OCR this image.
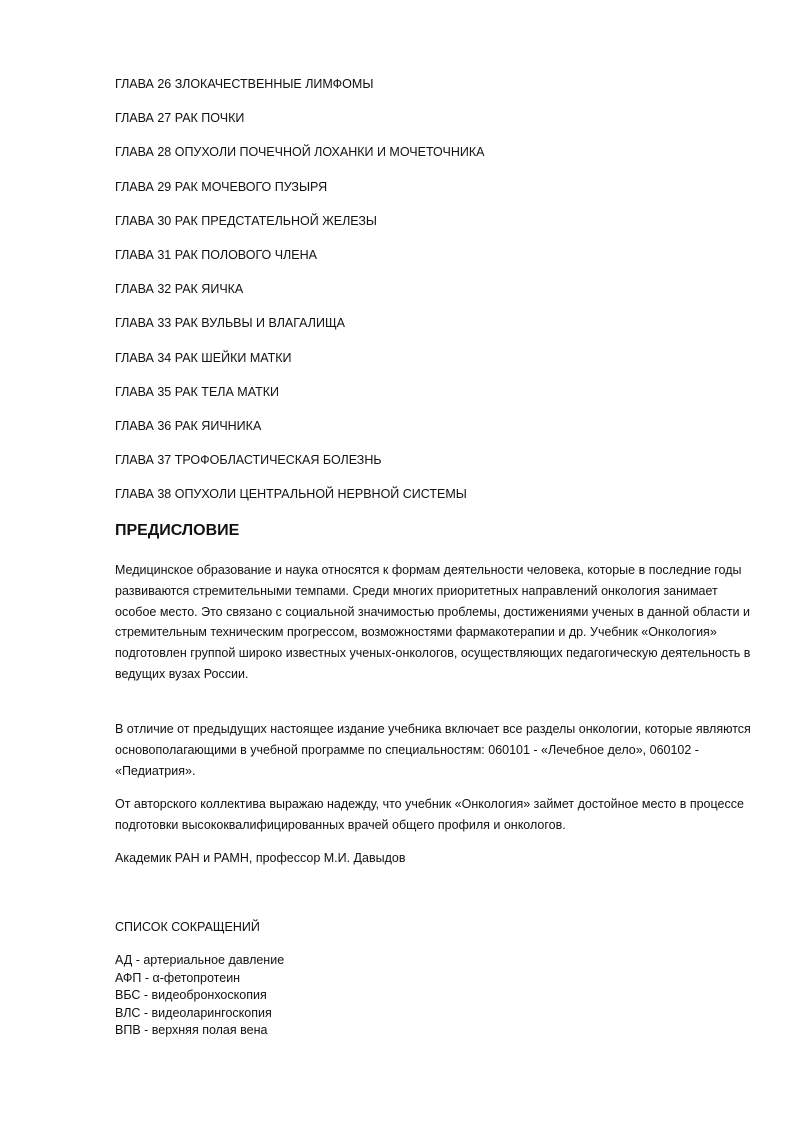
ГЛАВА 26 ЗЛОКАЧЕСТВЕННЫЕ ЛИМФОМЫ
ГЛАВА 27 РАК ПОЧКИ
ГЛАВА 28 ОПУХОЛИ ПОЧЕЧНОЙ ЛОХАНКИ И МОЧЕТОЧНИКА
ГЛАВА 29 РАК МОЧЕВОГО ПУЗЫРЯ
ГЛАВА 30 РАК ПРЕДСТАТЕЛЬНОЙ ЖЕЛЕЗЫ
ГЛАВА 31 РАК ПОЛОВОГО ЧЛЕНА
ГЛАВА 32 РАК ЯИЧКА
ГЛАВА 33 РАК ВУЛЬВЫ И ВЛАГАЛИЩА
ГЛАВА 34 РАК ШЕЙКИ МАТКИ
ГЛАВА 35 РАК ТЕЛА МАТКИ
ГЛАВА 36 РАК ЯИЧНИКА
ГЛАВА 37 ТРОФОБЛАСТИЧЕСКАЯ БОЛЕЗНЬ
ГЛАВА 38 ОПУХОЛИ ЦЕНТРАЛЬНОЙ НЕРВНОЙ СИСТЕМЫ
ПРЕДИСЛОВИЕ

Медицинское образование и наука относятся к формам деятельности человека, которые в последние годы развиваются стремительными темпами. Среди многих приоритетных направлений онкология занимает особое место. Это связано с социальной значимостью проблемы, достижениями ученых в данной области и стремительным техническим прогрессом, возможностями фармакотерапии и др. Учебник «Онкология» подготовлен группой широко известных ученых-онкологов, осуществляющих педагогическую деятельность в ведущих вузах России.

В отличие от предыдущих настоящее издание учебника включает все разделы онкологии, которые являются основополагающими в учебной программе по специальностям: 060101 - «Лечебное дело», 060102 - «Педиатрия».

От авторского коллектива выражаю надежду, что учебник «Онкология» займет достойное место в процессе подготовки высококвалифицированных врачей общего профиля и онкологов.

Академик РАН и РАМН, профессор М.И. Давыдов

СПИСОК СОКРАЩЕНИЙ

АД - артериальное давление
АФП - α-фетопротеин
ВБС - видеобронхоскопия
ВЛС - видеоларингоскопия
ВПВ - верхняя полая вена
